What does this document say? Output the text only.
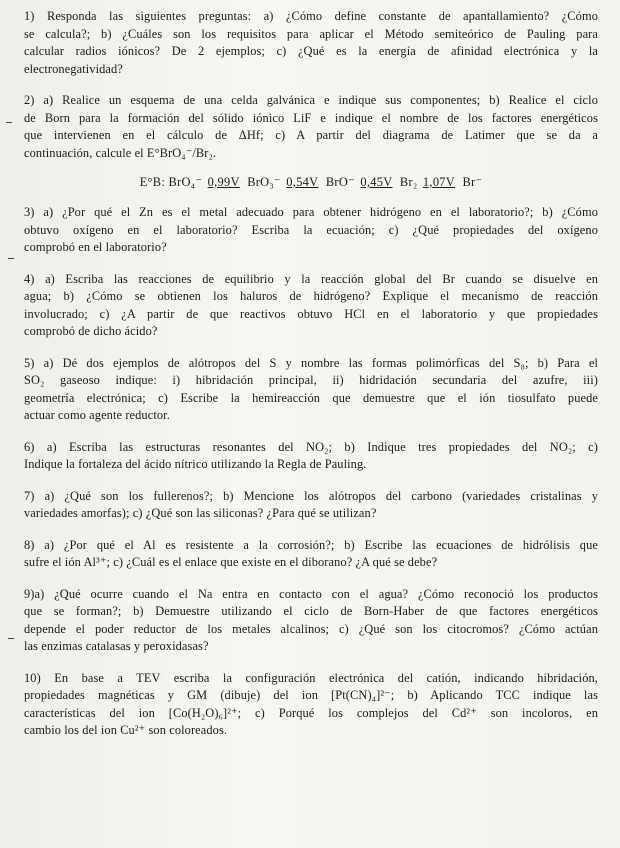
1) Responda las siguientes preguntas: a) ¿Cómo define constante de apantallamiento? ¿Cómo
se calcula?; b) ¿Cuáles son los requisitos para aplicar el Método semiteórico de Pauling para
calcular radios iónicos? De 2 ejemplos; c) ¿Qué es la energía de afinidad electrónica y la
electronegatividad?

2) a) Realice un esquema de una celda galvánica e indique sus componentes; b) Realice el ciclo
de Born para la formación del sólido iónico LiF e indique el nombre de los factores energéticos
que intervienen en el cálculo de ΔHf; c) A partir del diagrama de Latimer que se da a
continuación, calcule el E°BrO₄⁻/Br₂.

E°B: BrO₄⁻ 0,99V BrO₃⁻ 0,54V BrO⁻ 0,45V Br₂ 1,07V Br⁻

3) a) ¿Por qué el Zn es el metal adecuado para obtener hidrógeno en el laboratorio?; b) ¿Cómo
obtuvo oxígeno en el laboratorio? Escriba la ecuación; c) ¿Qué propiedades del oxígeno
comprobó en el laboratorio?

4) a) Escriba las reacciones de equilibrio y la reacción global del Br cuando se disuelve en
agua; b) ¿Cómo se obtienen los haluros de hidrógeno? Explique el mecanismo de reacción
involucrado; c) ¿A partir de que reactivos obtuvo HCl en el laboratorio y que propiedades
comprobó de dicho ácido?

5) a) Dé dos ejemplos de alótropos del S y nombre las formas polimórficas del S₈; b) Para el
SO₂ gaseoso indique: i) hibridación principal, ii) hidridación secundaria del azufre, iii)
geometría electrónica; c) Escribe la hemireacción que demuestre que el ión tiosulfato puede
actuar como agente reductor.

6) a) Escriba las estructuras resonantes del NO₂; b) Indique tres propiedades del NO₂; c)
Indique la fortaleza del ácido nítrico utilizando la Regla de Pauling.

7) a) ¿Qué son los fullerenos?; b) Mencione los alótropos del carbono (variedades cristalinas y
variedades amorfas); c) ¿Qué son las siliconas? ¿Para qué se utilizan?

8) a) ¿Por qué el Al es resistente a la corrosión?; b) Escribe las ecuaciones de hidrólisis que
sufre el ión Al³⁺; c) ¿Cuál es el enlace que existe en el diborano? ¿A qué se debe?

9)a) ¿Qué ocurre cuando el Na entra en contacto con el agua? ¿Cómo reconoció los productos
que se forman?; b) Demuestre utilizando el ciclo de Born-Haber de que factores energéticos
depende el poder reductor de los metales alcalinos; c) ¿Qué son los citocromos? ¿Cómo actúan
las enzimas catalasas y peroxidasas?

10) En base a TEV escriba la configuración electrónica del catión, indicando hibridación,
propiedades magnéticas y GM (dibuje) del ion [Pt(CN)₄]²⁻; b) Aplicando TCC indique las
características del ion [Co(H₂O)₆]²⁺; c) Porqué los complejos del Cd²⁺ son incoloros, en
cambio los del ion Cu²⁺ son coloreados.
